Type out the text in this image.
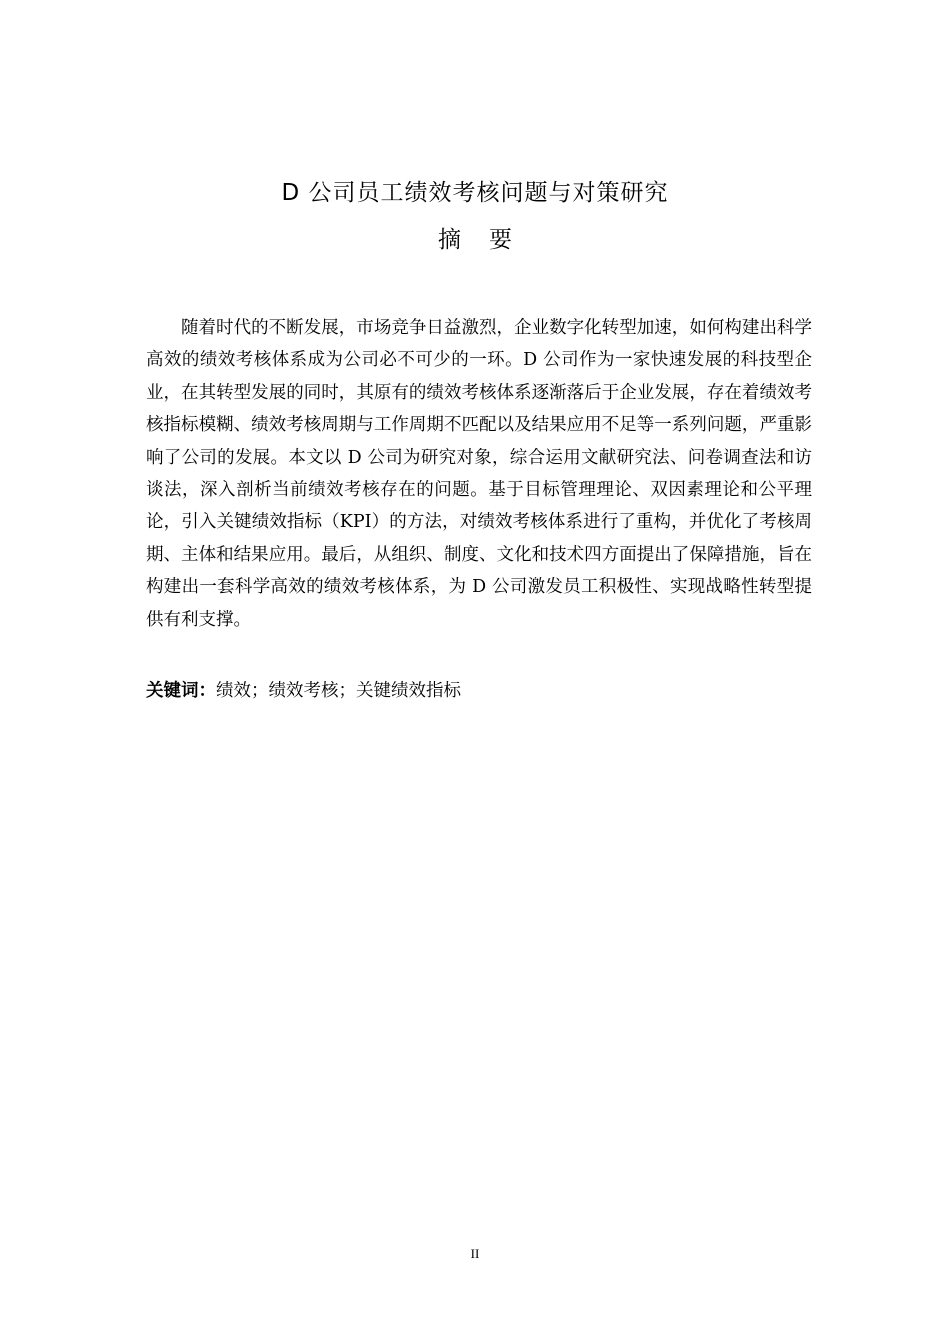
D 公司员工绩效考核问题与对策研究
摘要

随着时代的不断发展，市场竞争日益激烈，企业数字化转型加速，如何构建出科学高效的绩效考核体系成为公司必不可少的一环。D 公司作为一家快速发展的科技型企业，在其转型发展的同时，其原有的绩效考核体系逐渐落后于企业发展，存在着绩效考核指标模糊、绩效考核周期与工作周期不匹配以及结果应用不足等一系列问题，严重影响了公司的发展。本文以 D 公司为研究对象，综合运用文献研究法、问卷调查法和访谈法，深入剖析当前绩效考核存在的问题。基于目标管理理论、双因素理论和公平理论，引入关键绩效指标（KPI）的方法，对绩效考核体系进行了重构，并优化了考核周期、主体和结果应用。最后，从组织、制度、文化和技术四方面提出了保障措施，旨在构建出一套科学高效的绩效考核体系，为 D 公司激发员工积极性、实现战略性转型提供有利支撑。

关键词：绩效；绩效考核；关键绩效指标

II
